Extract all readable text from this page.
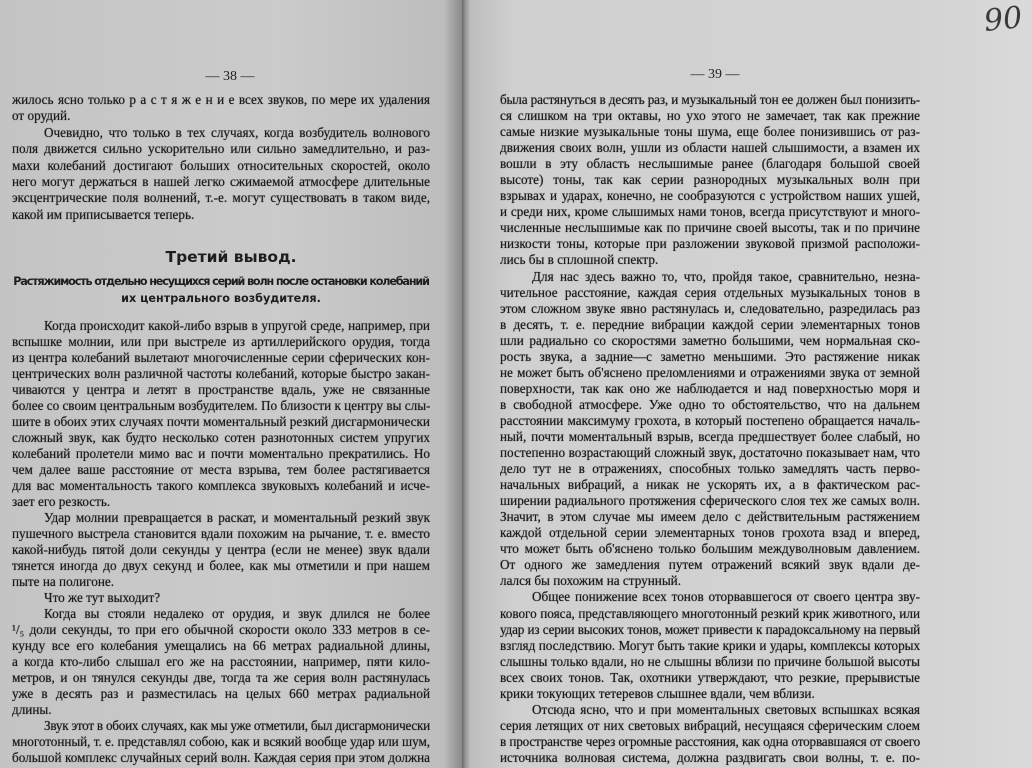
— 38 —
жилось ясно только р а с т я ж е н и е всех звуков, по мере их удаления
от орудий.
Очевидно, что только в тех случаях, когда возбудитель волнового
поля движется сильно ускорительно или сильно замедлительно, и раз-
махи колебаний достигают больших относительных скоростей, около
него могут держаться в нашей легко сжимаемой атмосфере длительные
эксцентрические поля волнений, т.-е. могут существовать в таком виде,
какой им приписывается теперь.
Третий вывод.
Растяжимость отдельно несущихся серий волн после остановки колебаний
их центрального возбудителя.
Когда происходит какой-либо взрыв в упругой среде, например, при
вспышке молнии, или при выстреле из артиллерийского орудия, тогда
из центра колебаний вылетают многочисленные серии сферических кон-
центрических волн различной частоты колебаний, которые быстро закан-
чиваются у центра и летят в пространстве вдаль, уже не связанные
более со своим центральным возбудителем. По близости к центру вы слы-
шите в обоих этих случаях почти моментальный резкий дисгармонически
сложный звук, как будто несколько сотен разнотонных систем упругих
колебаний пролетели мимо вас и почти моментально прекратились. Но
чем далее ваше расстояние от места взрыва, тем более растягивается
для вас моментальность такого комплекса звуковыхъ колебаний и исче-
зает его резкость.
Удар молнии превращается в раскат, и моментальный резкий звук
пушечного выстрела становится вдали похожим на рычание, т. е. вместо
какой-нибудь пятой доли секунды у центра (если не менее) звук вдали
тянется иногда до двух секунд и более, как мы отметили и при нашем
пыте на полигоне.
Что же тут выходит?
Когда вы стояли недалеко от орудия, и звук длился не более
¹/₅ доли секунды, то при его обычной скорости около 333 метров в се-
кунду все его колебания умещались на 66 метрах радиальной длины,
а когда кто-либо слышал его же на расстоянии, например, пяти кило-
метров, и он тянулся секунды две, тогда та же серия волн растянулась
уже в десять раз и разместилась на целых 660 метрах радиальной
длины.
Звук этот в обоих случаях, как мы уже отметили, был дисгармонически
многотонный, т. е. представлял собою, как и всякий вообще удар или шум,
большой комплекс случайных серий волн. Каждая серия при этом должна
— 39 —
была растянуться в десять раз, и музыкальный тон ее должен был понизить-
ся слишком на три октавы, но ухо этого не замечает, так как прежние
самые низкие музыкальные тоны шума, еще более понизившись от раз-
движения своих волн, ушли из области нашей слышимости, а взамен их
вошли в эту область неслышимые ранее (благодаря большой своей
высоте) тоны, так как серии разнородных музыкальных волн при
взрывах и ударах, конечно, не сообразуются с устройством наших ушей,
и среди них, кроме слышимых нами тонов, всегда присутствуют и много-
численные неслышимые как по причине своей высоты, так и по причине
низкости тоны, которые при разложении звуковой призмой расположи-
лись бы в сплошной спектр.
Для нас здесь важно то, что, пройдя такое, сравнительно, незна-
чительное расстояние, каждая серия отдельных музыкальных тонов в
этом сложном звуке явно растянулась и, следовательно, разредилась раз
в десять, т. е. передние вибрации каждой серии элементарных тонов
шли радиально со скоростями заметно большими, чем нормальная ско-
рость звука, а задние—с заметно меньшими. Это растяжение никак
не может быть об'яснено преломлениями и отражениями звука от земной
поверхности, так как оно же наблюдается и над поверхностью моря и
в свободной атмосфере. Уже одно то обстоятельство, что на дальнем
расстоянии максимуму грохота, в который постепено обращается началь-
ный, почти моментальный взрыв, всегда предшествует более слабый, но
постепенно возрастающий сложный звук, достаточно показывает нам, что
дело тут не в отражениях, способных только замедлять часть перво-
начальных вибраций, а никак не ускорять их, а в фактическом рас-
ширении радиального протяжения сферического слоя тех же самых волн.
Значит, в этом случае мы имеем дело с действительным растяжением
каждой отдельной серии элементарных тонов грохота взад и вперед,
что может быть об'яснено только большим междуволновым давлением.
От одного же замедления путем отражений всякий звук вдали де-
лался бы похожим на струнный.
Общее понижение всех тонов оторвавшегося от своего центра зву-
кового пояса, представляющего многотонный резкий крик животного, или
удар из серии высоких тонов, может привести к парадоксальному на первый
взгляд последствию. Могут быть такие крики и удары, комплексы которых
слышны только вдали, но не слышны вблизи по причине большой высоты
всех своих тонов. Так, охотники утверждают, что резкие, прерывистые
крики токующих тетеревов слышнее вдали, чем вблизи.
Отсюда ясно, что и при моментальных световых вспышках всякая
серия летящих от них световых вибраций, несущаяся сферическим слоем
в пространстве через огромные расстояния, как одна оторвавшаяся от своего
источника волновая система, должна раздвигать свои волны, т. е. по-
90
